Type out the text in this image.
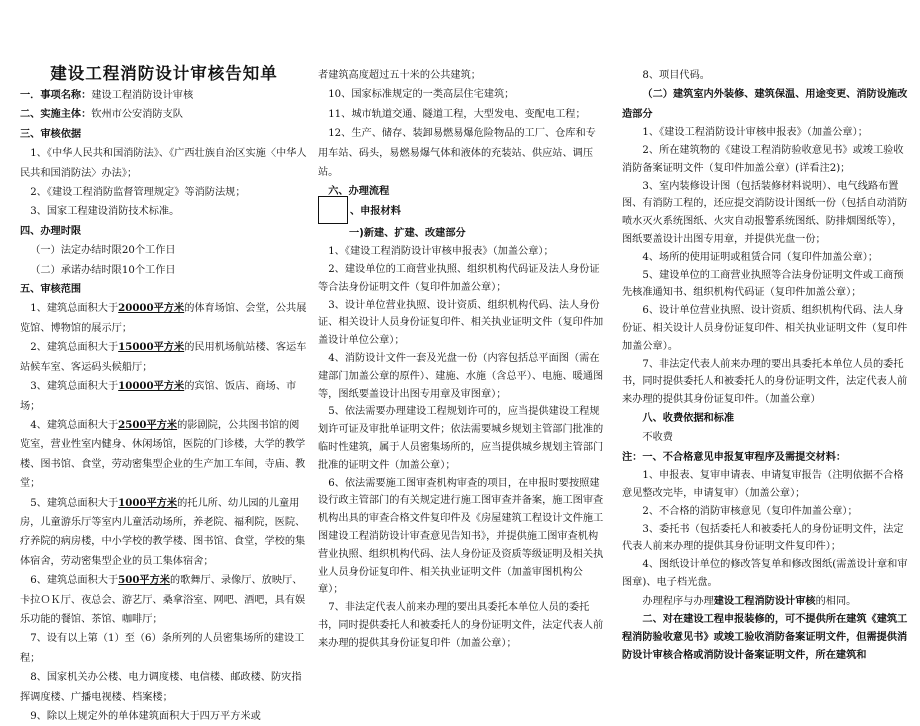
建设工程消防设计审核告知单

一．事项名称：建设工程消防设计审核

二、实施主体：钦州市公安消防支队

三、审核依据

1、《中华人民共和国消防法》、《广西壮族自治区实施〈中华人民共和国消防法〉办法》；

2、《建设工程消防监督管理规定》等消防法规；

3、国家工程建设消防技术标准。

四、办理时限

（一）法定办结时限20个工作日

（二）承诺办结时限10个工作日

五、审核范围

1、建筑总面积大于20000平方米的体育场馆、会堂，公共展览馆、博物馆的展示厅；

2、建筑总面积大于15000平方米的民用机场航站楼、客运车站候车室、客运码头候船厅；

3、建筑总面积大于10000平方米的宾馆、饭店、商场、市场；

4、建筑总面积大于2500平方米的影剧院，公共图书馆的阅览室，营业性室内健身、休闲场馆，医院的门诊楼，大学的教学楼、图书馆、食堂，劳动密集型企业的生产加工车间，寺庙、教堂；

5、建筑总面积大于1000平方米的托儿所、幼儿园的儿童用房，儿童游乐厅等室内儿童活动场所，养老院、福利院，医院、疗养院的病房楼，中小学校的教学楼、图书馆、食堂，学校的集体宿舍，劳动密集型企业的员工集体宿舍；

6、建筑总面积大于500平方米的歌舞厅、录像厅、放映厅、卡拉ＯＫ厅、夜总会、游艺厅、桑拿浴室、网吧、酒吧，具有娱乐功能的餐馆、茶馆、咖啡厅；

7、设有以上第（1）至（6）条所列的人员密集场所的建设工程；

8、国家机关办公楼、电力调度楼、电信楼、邮政楼、防灾指挥调度楼、广播电视楼、档案楼；

9、除以上规定外的单体建筑面积大于四万平方米或

者建筑高度超过五十米的公共建筑；

10、国家标准规定的一类高层住宅建筑；

11、城市轨道交通、隧道工程，大型发电、变配电工程；

12、生产、储存、装卸易燃易爆危险物品的工厂、仓库和专用车站、码头，易燃易爆气体和液体的充装站、供应站、调压站。

六、办理流程

、申报材料

一)新建、扩建、改建部分

1、《建设工程消防设计审核申报表》（加盖公章）；

2、建设单位的工商营业执照、组织机构代码证及法人身份证等合法身份证明文件（复印件加盖公章）；

3、设计单位营业执照、设计资质、组织机构代码、法人身份证、相关设计人员身份证复印件、相关执业证明文件（复印件加盖设计单位公章）；

4、消防设计文件一套及光盘一份（内容包括总平面图（需在建部门加盖公章的原件）、建施、水施（含总平）、电施、暖通图等，图纸要盖设计出图专用章及审图章）；

5、依法需要办理建设工程规划许可的，应当提供建设工程规划许可证及审批单证明文件；依法需要城乡规划主管部门批准的临时性建筑，属于人员密集场所的，应当提供城乡规划主管部门批准的证明文件（加盖公章）；

6、依法需要施工图审查机构审查的项目，在申报时要按照建设行政主管部门的有关规定进行施工图审查并备案，施工图审查机构出具的审查合格文件复印件及《房屋建筑工程设计文件施工图建设工程消防设计审查意见告知书》，并提供施工图审查机构营业执照、组织机构代码、法人身份证及资质等级证明及相关执业人员身份证复印件、相关执业证明文件（加盖审图机构公章）；

7、非法定代表人前来办理的要出具委托本单位人员的委托书，同时提供委托人和被委托人的身份证明文件，法定代表人前来办理的提供其身份证复印件（加盖公章）；

8、项目代码。

（二）建筑室内外装修、建筑保温、用途变更、消防设施改造部分

1、《建设工程消防设计审核申报表》（加盖公章）；

2、所在建筑物的《建设工程消防验收意见书》或竣工验收消防备案证明文件（复印件加盖公章）(详看注2)；

3、室内装修设计图（包括装修材料说明）、电气线路布置图、有消防工程的，还应提交消防设计图纸一份（包括自动消防喷水灭火系统图纸、火灾自动报警系统图纸、防排烟图纸等），图纸要盖设计出图专用章，并提供光盘一份；

4、场所的使用证明或租赁合同（复印件加盖公章）；

5、建设单位的工商营业执照等合法身份证明文件或工商预先核准通知书、组织机构代码证（复印件加盖公章）；

6、设计单位营业执照、设计资质、组织机构代码、法人身份证、相关设计人员身份证复印件、相关执业证明文件（复印件加盖公章）。

7、非法定代表人前来办理的要出具委托本单位人员的委托书，同时提供委托人和被委托人的身份证明文件，法定代表人前来办理的提供其身份证复印件。（加盖公章）

八、收费依据和标准

不收费

注：一、不合格意见申报复审程序及需提交材料：

1、申报表、复审申请表、申请复审报告（注明依据不合格意见整改完毕，申请复审）（加盖公章）；

2、不合格的消防审核意见（复印件加盖公章）；

3、委托书（包括委托人和被委托人的身份证明文件，法定代表人前来办理的提供其身份证明文件复印件）；

4、图纸设计单位的修改答复单和修改图纸(需盖设计章和审图章)、电子档光盘。

办理程序与办理建设工程消防设计审核的相同。

二、对在建设工程申报装修的，可不提供所在建筑《建筑工程消防验收意见书》或竣工验收消防备案证明文件，但需提供消防设计审核合格或消防设计备案证明文件，所在建筑和
